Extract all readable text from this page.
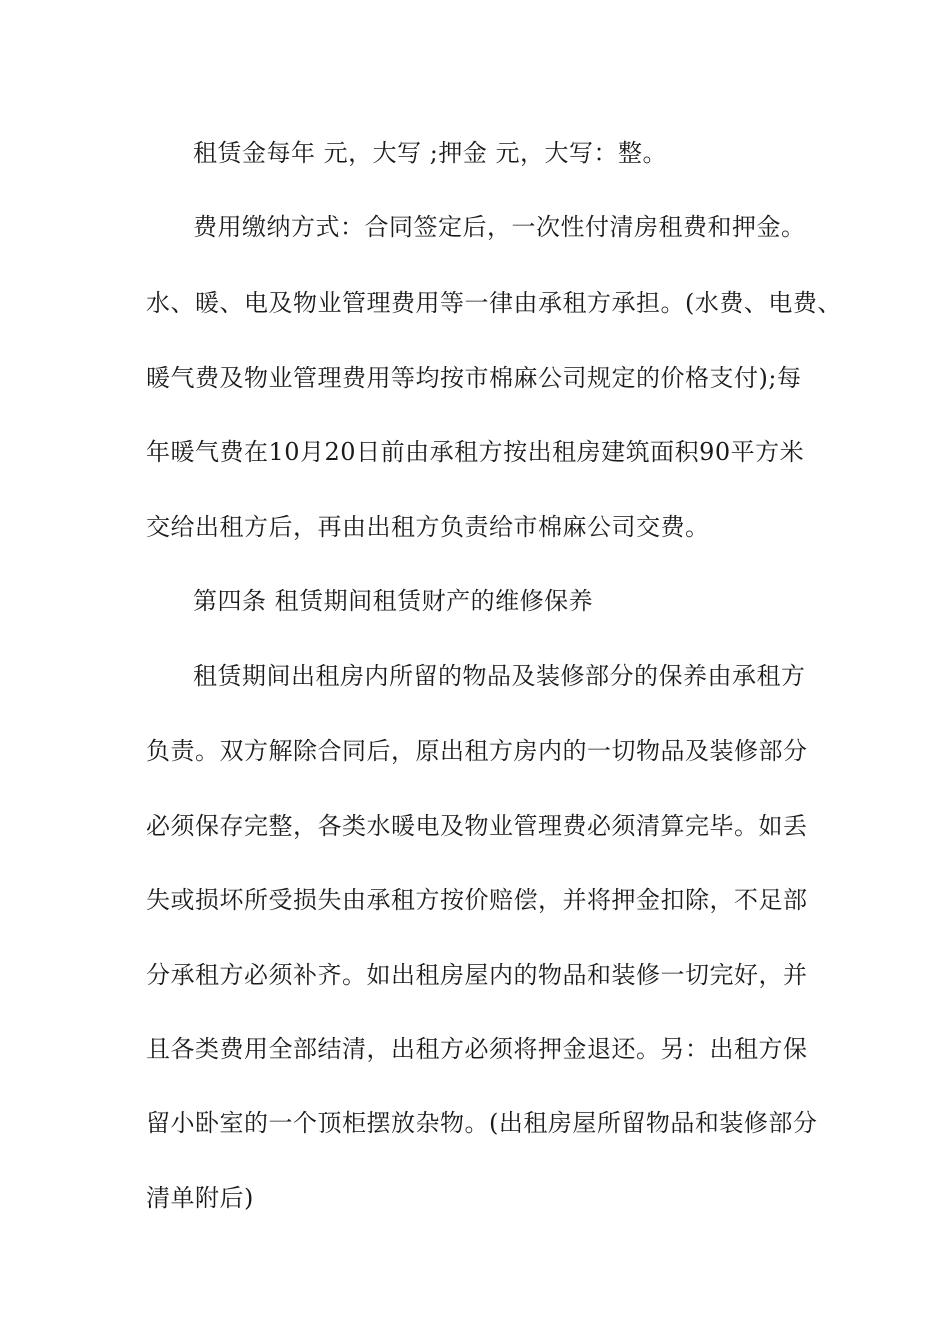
租赁金每年 元，大写 ;押金 元，大写：整。
费用缴纳方式：合同签定后，一次性付清房租费和押金。
水、暖、电及物业管理费用等一律由承租方承担。(水费、电费、
暖气费及物业管理费用等均按市棉麻公司规定的价格支付);每
年暖气费在10月20日前由承租方按出租房建筑面积90平方米
交给出租方后，再由出租方负责给市棉麻公司交费。
第四条 租赁期间租赁财产的维修保养
租赁期间出租房内所留的物品及装修部分的保养由承租方
负责。双方解除合同后，原出租方房内的一切物品及装修部分
必须保存完整，各类水暖电及物业管理费必须清算完毕。如丢
失或损坏所受损失由承租方按价赔偿，并将押金扣除，不足部
分承租方必须补齐。如出租房屋内的物品和装修一切完好，并
且各类费用全部结清，出租方必须将押金退还。另：出租方保
留小卧室的一个顶柜摆放杂物。(出租房屋所留物品和装修部分
清单附后)
